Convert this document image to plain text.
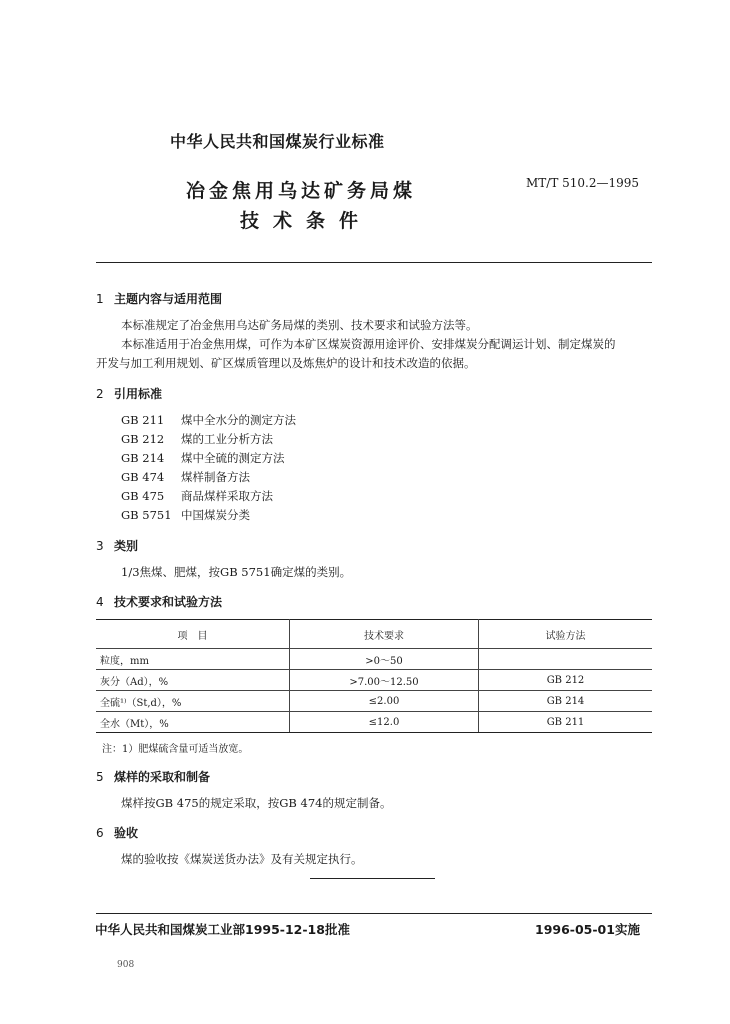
中华人民共和国煤炭行业标准
冶金焦用乌达矿务局煤
技术条件
MT/T 510.2—1995
1 主题内容与适用范围
本标准规定了冶金焦用乌达矿务局煤的类别、技术要求和试验方法等。
本标准适用于冶金焦用煤，可作为本矿区煤炭资源用途评价、安排煤炭分配调运计划、制定煤炭的
开发与加工利用规划、矿区煤质管理以及炼焦炉的设计和技术改造的依据。
2 引用标准
GB 211 煤中全水分的测定方法
GB 212 煤的工业分析方法
GB 214 煤中全硫的测定方法
GB 474 煤样制备方法
GB 475 商品煤样采取方法
GB 5751 中国煤炭分类
3 类别
1/3焦煤、肥煤，按GB 5751确定煤的类别。
4 技术要求和试验方法
项　目	技术要求	试验方法
粒度，mm	>0～50	
灰分（Ad），%	>7.00～12.50	GB 212
全硫¹⁾（St,d），%	≤2.00	GB 214
全水（Mt），%	≤12.0	GB 211
注：1）肥煤硫含量可适当放宽。
5 煤样的采取和制备
煤样按GB 475的规定采取，按GB 474的规定制备。
6 验收
煤的验收按《煤炭送货办法》及有关规定执行。
中华人民共和国煤炭工业部1995-12-18批准	1996-05-01实施
908
